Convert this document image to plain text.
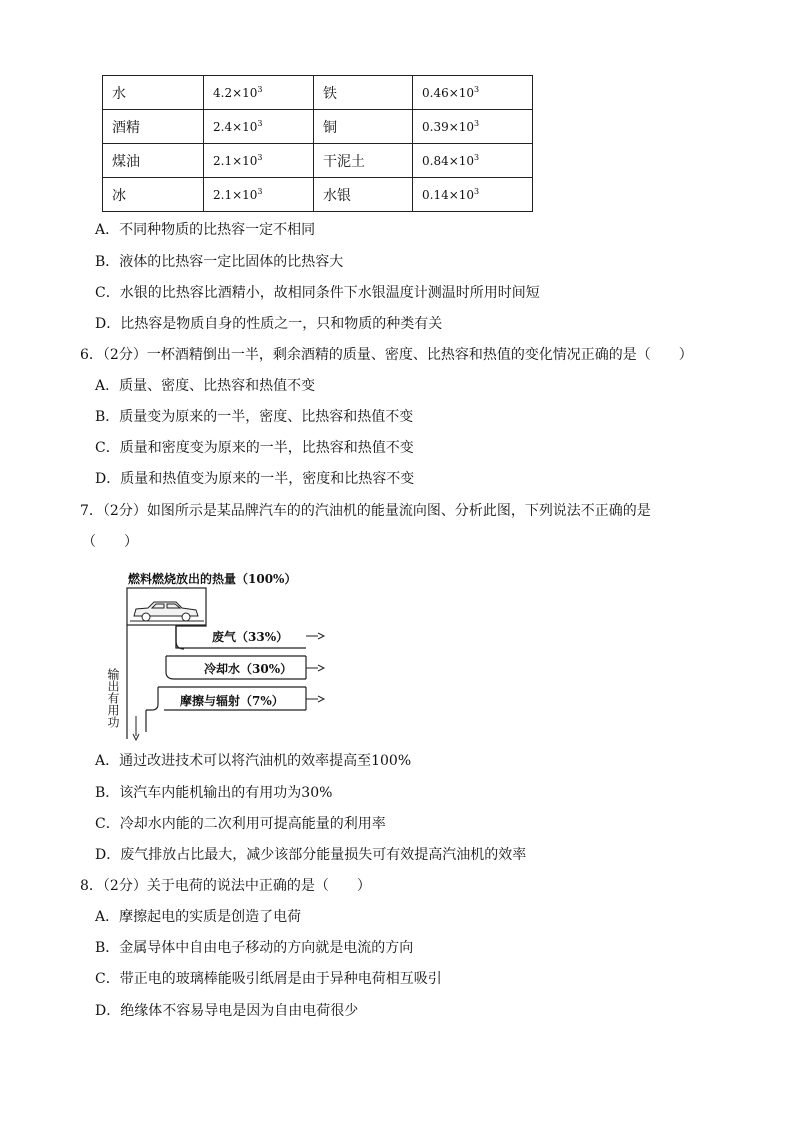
水	$4.2\times 10^3$	铁	$0.46\times 10^3$
酒精	$2.4\times 10^3$	铜	$0.39\times 10^3$
煤油	$2.1\times 10^3$	干泥土	$0.84\times 10^3$
冰	$2.1\times 10^3$	水银	$0.14\times 10^3$
A．不同种物质的比热容一定不相同
B．液体的比热容一定比固体的比热容大
C．水银的比热容比酒精小，故相同条件下水银温度计测温时所用时间短
D．比热容是物质自身的性质之一，只和物质的种类有关
6．（2分）一杯酒精倒出一半，剩余酒精的质量、密度、比热容和热值的变化情况正确的是（　　）
A．质量、密度、比热容和热值不变
B．质量变为原来的一半，密度、比热容和热值不变
C．质量和密度变为原来的一半，比热容和热值不变
D．质量和热值变为原来的一半，密度和比热容不变
7．（2分）如图所示是某品牌汽车的的汽油机的能量流向图、分析此图，下列说法不正确的是
（　　）
燃料燃烧放出的热量（100%）
废气（33%）
冷却水（30%）
摩擦与辐射（7%）
输出有用功
A．通过改进技术可以将汽油机的效率提高至100%
B．该汽车内能机输出的有用功为30%
C．冷却水内能的二次利用可提高能量的利用率
D．废气排放占比最大，减少该部分能量损失可有效提高汽油机的效率
8．（2分）关于电荷的说法中正确的是（　　）
A．摩擦起电的实质是创造了电荷
B．金属导体中自由电子移动的方向就是电流的方向
C．带正电的玻璃棒能吸引纸屑是由于异种电荷相互吸引
D．绝缘体不容易导电是因为自由电荷很少
